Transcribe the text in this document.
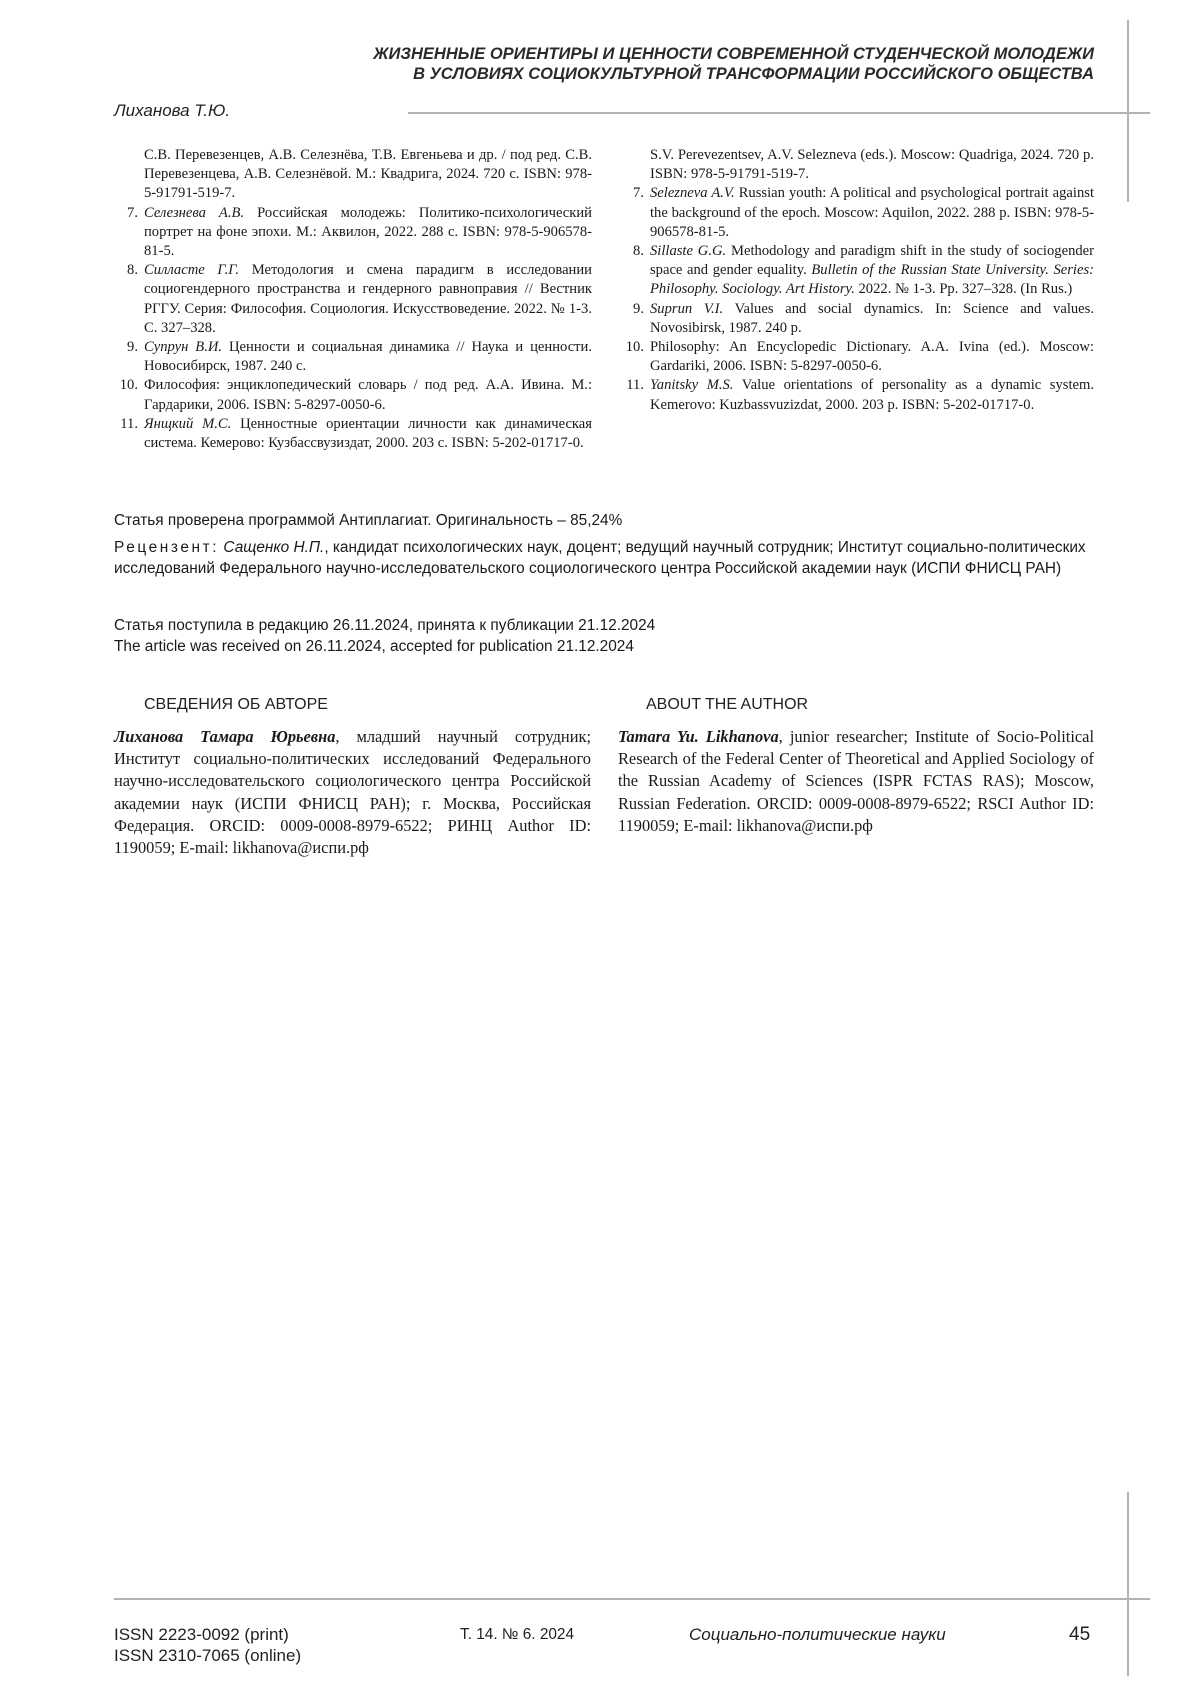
ЖИЗНЕННЫЕ ОРИЕНТИРЫ И ЦЕННОСТИ СОВРЕМЕННОЙ СТУДЕНЧЕСКОЙ МОЛОДЕЖИ
В УСЛОВИЯХ СОЦИОКУЛЬТУРНОЙ ТРАНСФОРМАЦИИ РОССИЙСКОГО ОБЩЕСТВА
Лиханова Т.Ю.

С.В. Перевезенцев, А.В. Селезнёва, Т.В. Евгеньева и др. / под ред. С.В. Перевезенцева, А.В. Селезнёвой. М.: Квадрига, 2024. 720 с. ISBN: 978-5-91791-519-7.

7. Селезнева А.В. Российская молодежь: Политико-психологический портрет на фоне эпохи. М.: Аквилон, 2022. 288 с. ISBN: 978-5-906578-81-5.

8. Силласте Г.Г. Методология и смена парадигм в исследовании социогендерного пространства и гендерного равноправия // Вестник РГГУ. Серия: Философия. Социология. Искусствоведение. 2022. № 1-3. С. 327–328.

9. Супрун В.И. Ценности и социальная динамика // Наука и ценности. Новосибирск, 1987. 240 с.

10. Философия: энциклопедический словарь / под ред. А.А. Ивина. М.: Гардарики, 2006. ISBN: 5-8297-0050-6.

11. Янщкий М.С. Ценностные ориентации личности как динамическая система. Кемерово: Кузбассвузиздат, 2000. 203 с. ISBN: 5-202-01717-0.

S.V. Perevezentsev, A.V. Selezneva (eds.). Moscow: Quadriga, 2024. 720 p. ISBN: 978-5-91791-519-7.

7. Selezneva A.V. Russian youth: A political and psychological portrait against the background of the epoch. Moscow: Aquilon, 2022. 288 p. ISBN: 978-5-906578-81-5.

8. Sillaste G.G. Methodology and paradigm shift in the study of sociogender space and gender equality. Bulletin of the Russian State University. Series: Philosophy. Sociology. Art History. 2022. № 1-3. Pp. 327–328. (In Rus.)

9. Suprun V.I. Values and social dynamics. In: Science and values. Novosibirsk, 1987. 240 p.

10. Philosophy: An Encyclopedic Dictionary. A.A. Ivina (ed.). Moscow: Gardariki, 2006. ISBN: 5-8297-0050-6.

11. Yanitsky M.S. Value orientations of personality as a dynamic system. Kemerovo: Kuzbassvuzizdat, 2000. 203 p. ISBN: 5-202-01717-0.

Статья проверена программой Антиплагиат. Оригинальность – 85,24%
Рецензент: Сащенко Н.П., кандидат психологических наук, доцент; ведущий научный сотрудник; Институт социально-политических исследований Федерального научно-исследовательского социологического центра Российской академии наук (ИСПИ ФНИСЦ РАН)
Статья поступила в редакцию 26.11.2024, принята к публикации 21.12.2024
The article was received on 26.11.2024, accepted for publication 21.12.2024
СВЕДЕНИЯ ОБ АВТОРЕ	ABOUT THE AUTHOR
Лиханова Тамара Юрьевна, младший научный сотрудник; Институт социально-политических исследований Федерального научно-исследовательского социологического центра Российской академии наук (ИСПИ ФНИСЦ РАН); г. Москва, Российская Федерация. ORCID: 0009-0008-8979-6522; РИНЦ Author ID: 1190059; E-mail: likhanova@испи.рф
Tamara Yu. Likhanova, junior researcher; Institute of Socio-Political Research of the Federal Center of Theoretical and Applied Sociology of the Russian Academy of Sciences (ISPR FCTAS RAS); Moscow, Russian Federation. ORCID: 0009-0008-8979-6522; RSCI Author ID: 1190059; E-mail: likhanova@испи.рф
ISSN 2223-0092 (print)
ISSN 2310-7065 (online)
Т. 14. № 6. 2024	Социально-политические науки	45
